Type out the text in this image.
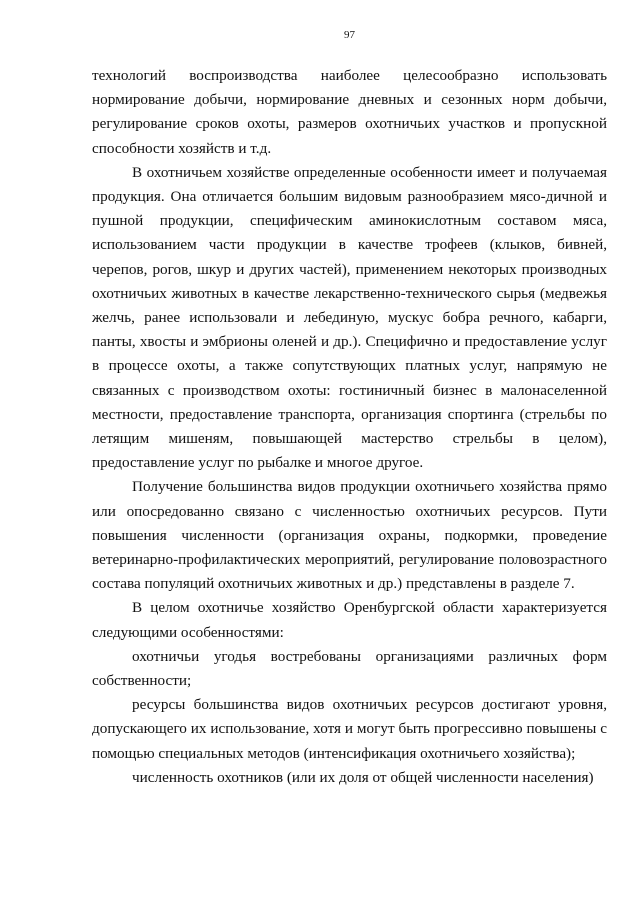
97

технологий воспроизводства наиболее целесообразно использовать нормирование добычи, нормирование дневных и сезонных норм добычи, регулирование сроков охоты, размеров охотничьих участков и пропускной способности хозяйств и т.д.

В охотничьем хозяйстве определенные особенности имеет и получаемая продукция. Она отличается большим видовым разнообразием мясо-дичной и пушной продукции, специфическим аминокислотным составом мяса, использованием части продукции в качестве трофеев (клыков, бивней, черепов, рогов, шкур и других частей), применением некоторых производных охотничьих животных в качестве лекарственно-технического сырья (медвежья желчь, ранее использовали и лебединую, мускус бобра речного, кабарги, панты, хвосты и эмбрионы оленей и др.). Специфично и предоставление услуг в процессе охоты, а также сопутствующих платных услуг, напрямую не связанных с производством охоты: гостиничный бизнес в малонаселенной местности, предоставление транспорта, организация спортинга (стрельбы по летящим мишеням, повышающей мастерство стрельбы в целом), предоставление услуг по рыбалке и многое другое.

Получение большинства видов продукции охотничьего хозяйства прямо или опосредованно связано с численностью охотничьих ресурсов. Пути повышения численности (организация охраны, подкормки, проведение ветеринарно-профилактических мероприятий, регулирование половозрастного состава популяций охотничьих животных и др.) представлены в разделе 7.

В целом охотничье хозяйство Оренбургской области характеризуется следующими особенностями:

охотничьи угодья востребованы организациями различных форм собственности;

ресурсы большинства видов охотничьих ресурсов достигают уровня, допускающего их использование, хотя и могут быть прогрессивно повышены с помощью специальных методов (интенсификация охотничьего хозяйства);

численность охотников (или их доля от общей численности населения)
